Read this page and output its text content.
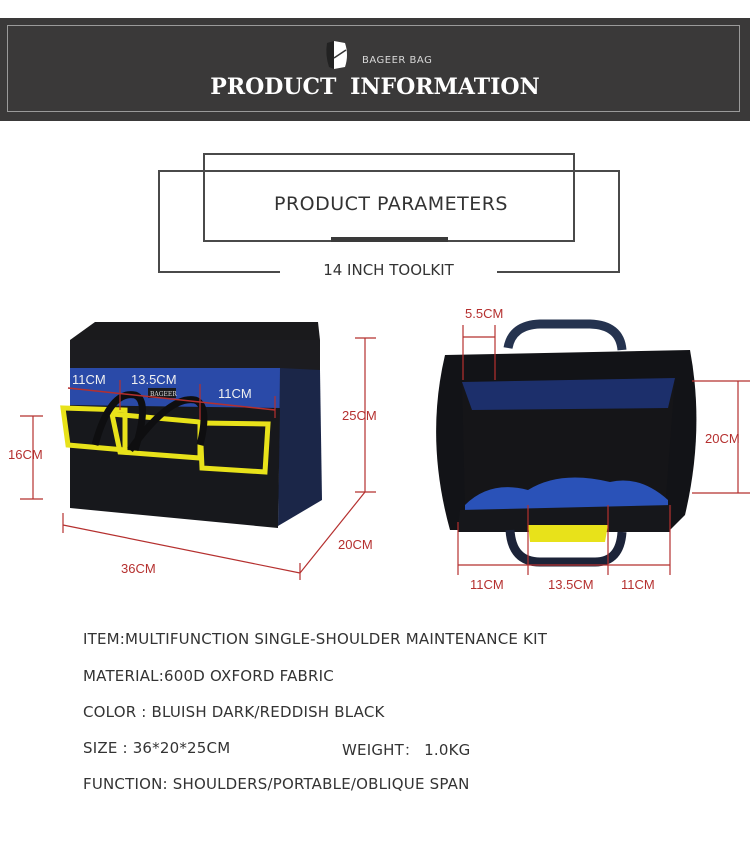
BAGEER BAG
PRODUCT INFORMATION
PRODUCT PARAMETERS
14 INCH TOOLKIT
BAGEER
11CM 13.5CM
11CM
16CM
25CM
20CM
36CM
5.5CM
20CM
11CM	13.5CM 11CM
ITEM:MULTIFUNCTION SINGLE-SHOULDER MAINTENANCE KIT
MATERIAL:600D OXFORD FABRIC
COLOR : BLUISH DARK/REDDISH BLACK
SIZE : 36*20*25CM	WEIGHT： 1.0KG
FUNCTION: SHOULDERS/PORTABLE/OBLIQUE SPAN
